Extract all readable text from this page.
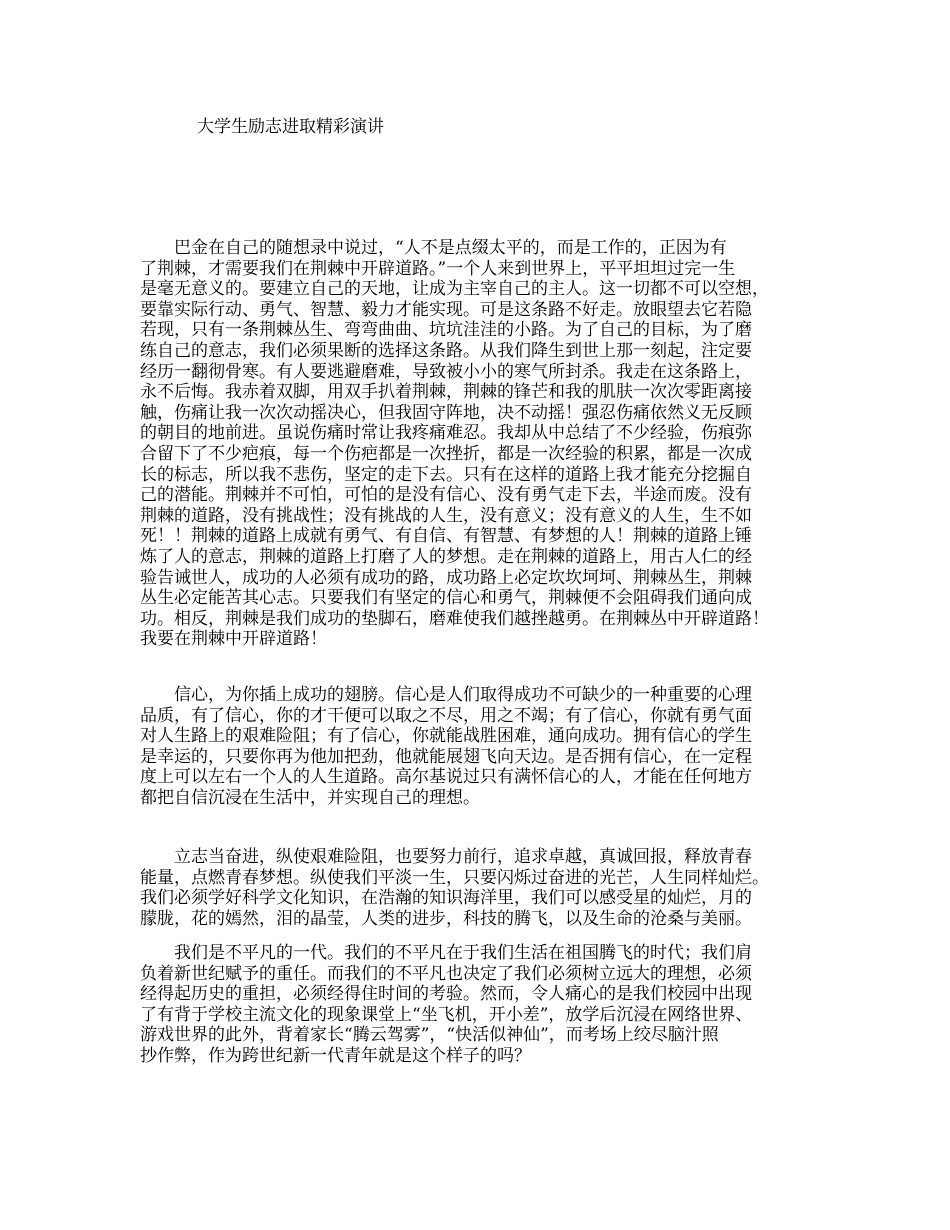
大学生励志进取精彩演讲
　　巴金在自己的随想录中说过，“人不是点缀太平的，而是工作的，正因为有
了荆棘，才需要我们在荆棘中开辟道路。”一个人来到世界上，平平坦坦过完一生
是毫无意义的。要建立自己的天地，让成为主宰自己的主人。这一切都不可以空想，
要靠实际行动、勇气、智慧、毅力才能实现。可是这条路不好走。放眼望去它若隐
若现，只有一条荆棘丛生、弯弯曲曲、坑坑洼洼的小路。为了自己的目标，为了磨
练自己的意志，我们必须果断的选择这条路。从我们降生到世上那一刻起，注定要
经历一翻彻骨寒。有人要逃避磨难，导致被小小的寒气所封杀。我走在这条路上，
永不后悔。我赤着双脚，用双手扒着荆棘，荆棘的锋芒和我的肌肤一次次零距离接
触，伤痛让我一次次动摇决心，但我固守阵地，决不动摇！强忍伤痛依然义无反顾
的朝目的地前进。虽说伤痛时常让我疼痛难忍。我却从中总结了不少经验，伤痕弥
合留下了不少疤痕，每一个伤疤都是一次挫折，都是一次经验的积累，都是一次成
长的标志，所以我不悲伤，坚定的走下去。只有在这样的道路上我才能充分挖掘自
己的潜能。荆棘并不可怕，可怕的是没有信心、没有勇气走下去，半途而废。没有
荆棘的道路，没有挑战性；没有挑战的人生，没有意义；没有意义的人生，生不如
死！！荆棘的道路上成就有勇气、有自信、有智慧、有梦想的人！荆棘的道路上锤
炼了人的意志，荆棘的道路上打磨了人的梦想。走在荆棘的道路上，用古人仁的经
验告诫世人，成功的人必须有成功的路，成功路上必定坎坎坷坷、荆棘丛生，荆棘
丛生必定能苦其心志。只要我们有坚定的信心和勇气，荆棘便不会阻碍我们通向成
功。相反，荆棘是我们成功的垫脚石，磨难使我们越挫越勇。在荆棘丛中开辟道路！
我要在荆棘中开辟道路！
　　信心，为你插上成功的翅膀。信心是人们取得成功不可缺少的一种重要的心理
品质，有了信心，你的才干便可以取之不尽，用之不竭；有了信心，你就有勇气面
对人生路上的艰难险阻；有了信心，你就能战胜困难，通向成功。拥有信心的学生
是幸运的，只要你再为他加把劲，他就能展翅飞向天边。是否拥有信心，在一定程
度上可以左右一个人的人生道路。高尔基说过只有满怀信心的人，才能在任何地方
都把自信沉浸在生活中，并实现自己的理想。
　　立志当奋进，纵使艰难险阻，也要努力前行，追求卓越，真诚回报，释放青春
能量，点燃青春梦想。纵使我们平淡一生，只要闪烁过奋进的光芒，人生同样灿烂。
我们必须学好科学文化知识，在浩瀚的知识海洋里，我们可以感受星的灿烂，月的
朦胧，花的嫣然，泪的晶莹，人类的进步，科技的腾飞，以及生命的沧桑与美丽。
　　我们是不平凡的一代。我们的不平凡在于我们生活在祖国腾飞的时代；我们肩
负着新世纪赋予的重任。而我们的不平凡也决定了我们必须树立远大的理想，必须
经得起历史的重担，必须经得住时间的考验。然而，令人痛心的是我们校园中出现
了有背于学校主流文化的现象课堂上“坐飞机，开小差”，放学后沉浸在网络世界、
游戏世界的此外，背着家长“腾云驾雾”，“快活似神仙”，而考场上绞尽脑汁照
抄作弊，作为跨世纪新一代青年就是这个样子的吗？
